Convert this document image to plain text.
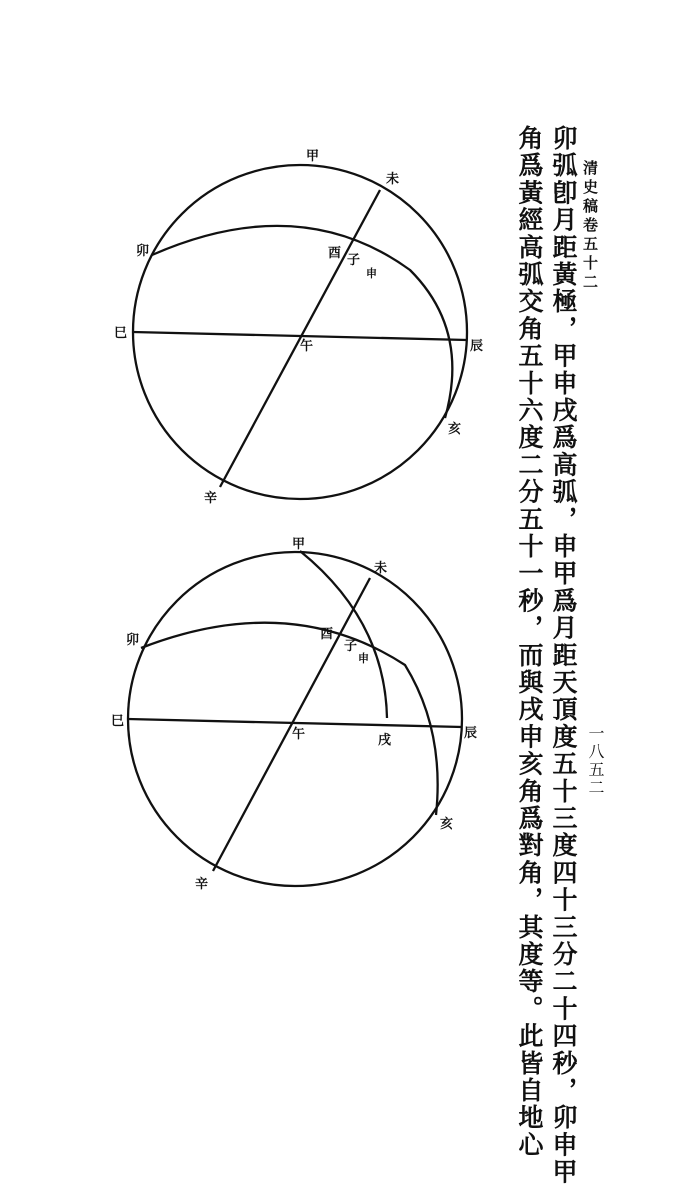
清史稿卷五十二
一八五二
卯弧卽月距黃極，甲申戌爲高弧，申甲爲月距天頂度五十三度四十三分二十四秒，卯申甲
角爲黃經高弧交角五十六度二分五十一秒，而與戌申亥角爲對角，其度等。此皆自地心
甲
未
卯	酉 子
申
巳
午	辰
亥
辛
甲
未
卯	酉
子
申
巳
午	戌	辰
亥
辛
